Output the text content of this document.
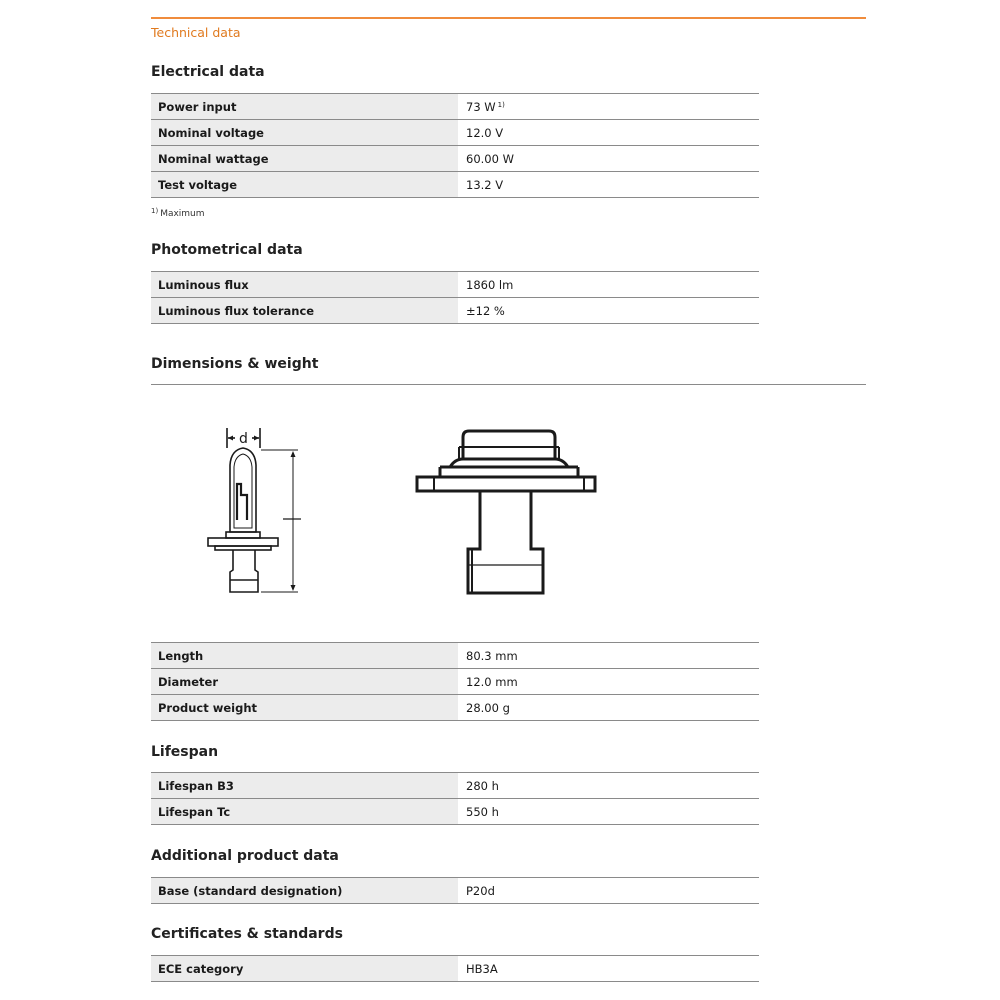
Technical data
Electrical data
Power input	73 W $^{1)}$
Nominal voltage	12.0 V
Nominal wattage	60.00 W
Test voltage	13.2 V
$^{1)}$ Maximum
Photometrical data
Luminous flux	1860 lm
Luminous flux tolerance	±12 %
Dimensions & weight
d
Length	80.3 mm
Diameter	12.0 mm
Product weight	28.00 g
Lifespan
Lifespan B3	280 h
Lifespan Tc	550 h
Additional product data
Base (standard designation)	P20d
Certificates & standards
ECE category	HB3A
